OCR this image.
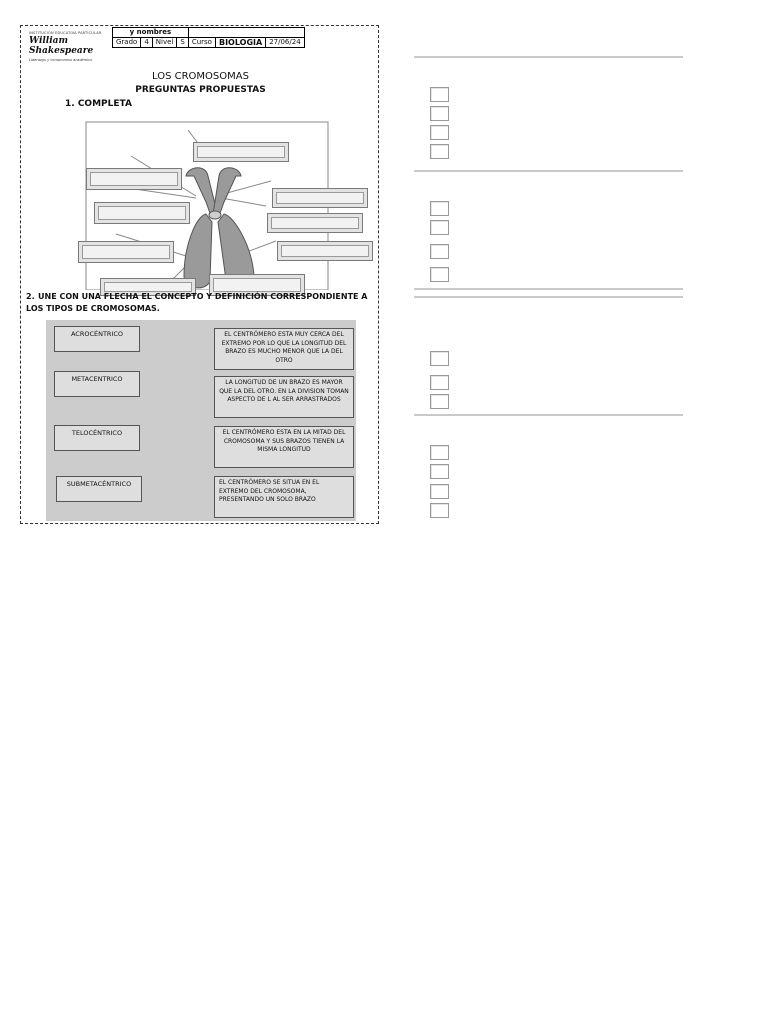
INSTITUCIÓN EDUCATIVA PARTICULAR
William Shakespeare
Liderazgo y compromiso académico
y nombres						
Grado	4	Nivel	S	Curso	BIOLOGIA	27/06/24
LOS CROMOSOMAS
PREGUNTAS PROPUESTAS
1. COMPLETA
2. UNE CON UNA FLECHA EL CONCEPTO Y DEFINICIÓN CORRESPONDIENTE A LOS TIPOS DE CROMOSOMAS.
ACROCÉNTRICO
METACENTRICO
TELOCÉNTRICO
SUBMETACÉNTRICO
EL CENTRÓMERO ESTA MUY CERCA DEL EXTREMO POR LO QUE LA LONGITUD DEL BRAZO ES MUCHO MENOR QUE LA DEL OTRO
LA LONGITUD DE UN BRAZO ES MAYOR QUE LA DEL OTRO. EN LA DIVISION TOMAN ASPECTO DE L AL SER ARRASTRADOS
EL CENTRÓMERO ESTA EN LA MITAD DEL CROMOSOMA Y SUS BRAZOS TIENEN LA MISMA LONGITUD
EL CENTRÓMERO SE SITUA EN EL EXTREMO DEL CROMOSOMA, PRESENTANDO UN SOLO BRAZO
